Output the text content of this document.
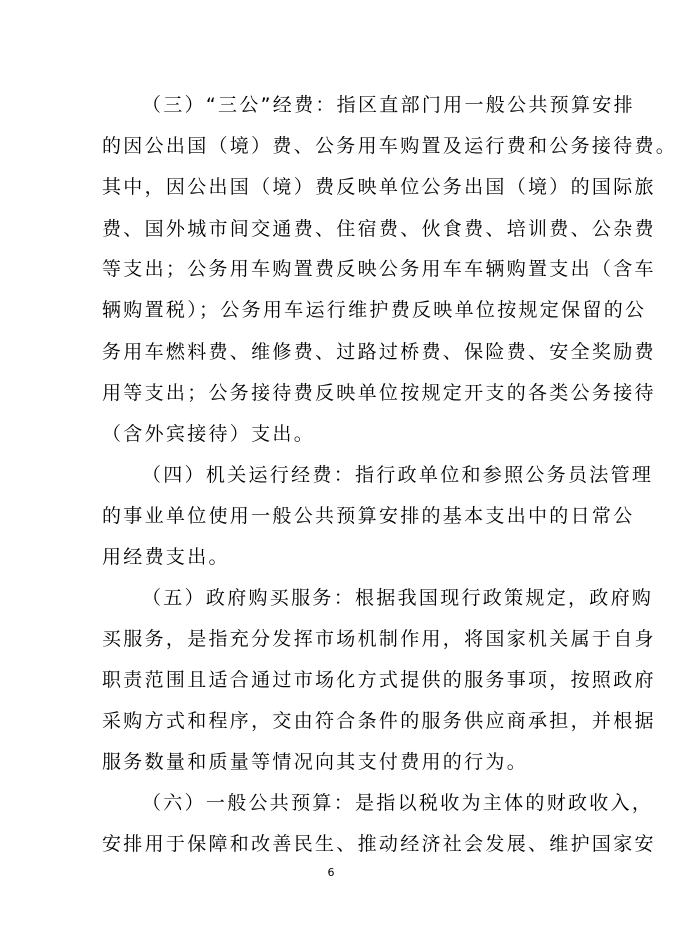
（三）“三公”经费：指区直部门用一般公共预算安排
的因公出国（境）费、公务用车购置及运行费和公务接待费。
其中，因公出国（境）费反映单位公务出国（境）的国际旅
费、国外城市间交通费、住宿费、伙食费、培训费、公杂费
等支出；公务用车购置费反映公务用车车辆购置支出（含车
辆购置税）；公务用车运行维护费反映单位按规定保留的公
务用车燃料费、维修费、过路过桥费、保险费、安全奖励费
用等支出；公务接待费反映单位按规定开支的各类公务接待
（含外宾接待）支出。
（四）机关运行经费：指行政单位和参照公务员法管理
的事业单位使用一般公共预算安排的基本支出中的日常公
用经费支出。
（五）政府购买服务：根据我国现行政策规定，政府购
买服务，是指充分发挥市场机制作用，将国家机关属于自身
职责范围且适合通过市场化方式提供的服务事项，按照政府
采购方式和程序，交由符合条件的服务供应商承担，并根据
服务数量和质量等情况向其支付费用的行为。
（六）一般公共预算：是指以税收为主体的财政收入，
安排用于保障和改善民生、推动经济社会发展、维护国家安
6
